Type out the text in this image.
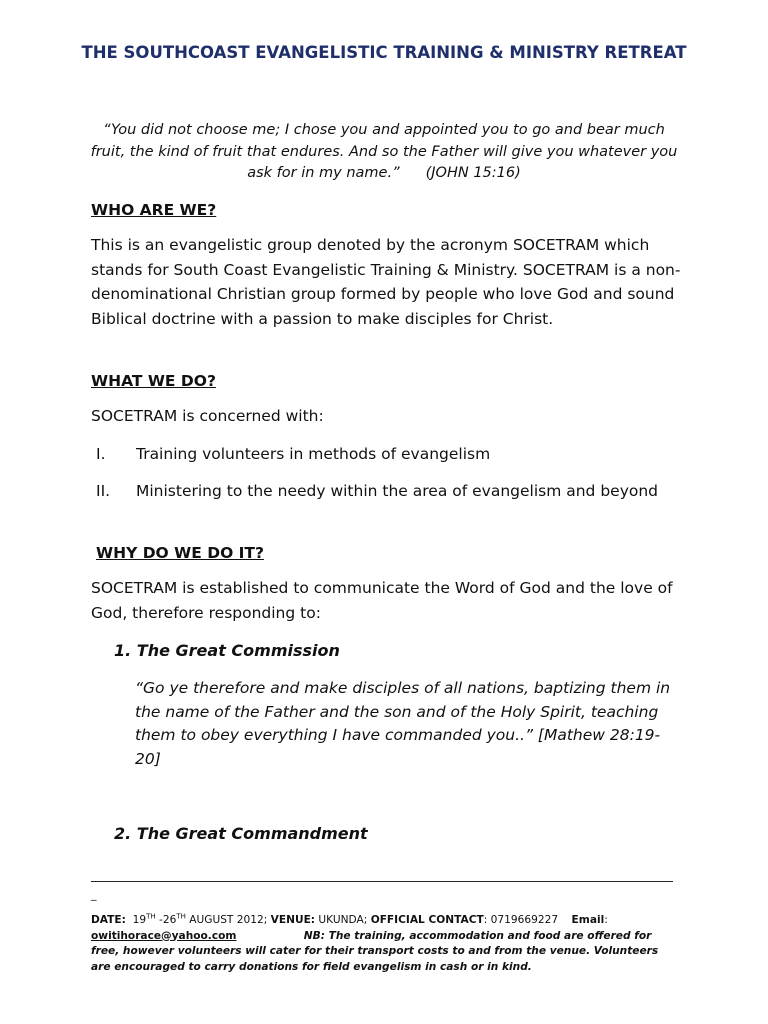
THE SOUTHCOAST EVANGELISTIC TRAINING & MINISTRY RETREAT
“You did not choose me; I chose you and appointed you to go and bear much fruit, the kind of fruit that endures. And so the Father will give you whatever you ask for in my name.” (JOHN 15:16)
WHO ARE WE?
This is an evangelistic group denoted by the acronym SOCETRAM which stands for South Coast Evangelistic Training & Ministry. SOCETRAM is a non-denominational Christian group formed by people who love God and sound Biblical doctrine with a passion to make disciples for Christ.
WHAT WE DO?
SOCETRAM is concerned with:
I. Training volunteers in methods of evangelism
II. Ministering to the needy within the area of evangelism and beyond
WHY DO WE DO IT?
SOCETRAM is established to communicate the Word of God and the love of God, therefore responding to:
1. The Great Commission
“Go ye therefore and make disciples of all nations, baptizing them in the name of the Father and the son and of the Holy Spirit, teaching them to obey everything I have commanded you..” [Mathew 28:19-20]
2. The Great Commandment
_
DATE: 19TH -26TH AUGUST 2012; VENUE: UKUNDA; OFFICIAL CONTACT: 0719669227 Email: owitihorace@yahoo.com	NB: The training, accommodation and food are offered for free, however volunteers will cater for their transport costs to and from the venue. Volunteers are encouraged to carry donations for field evangelism in cash or in kind.
